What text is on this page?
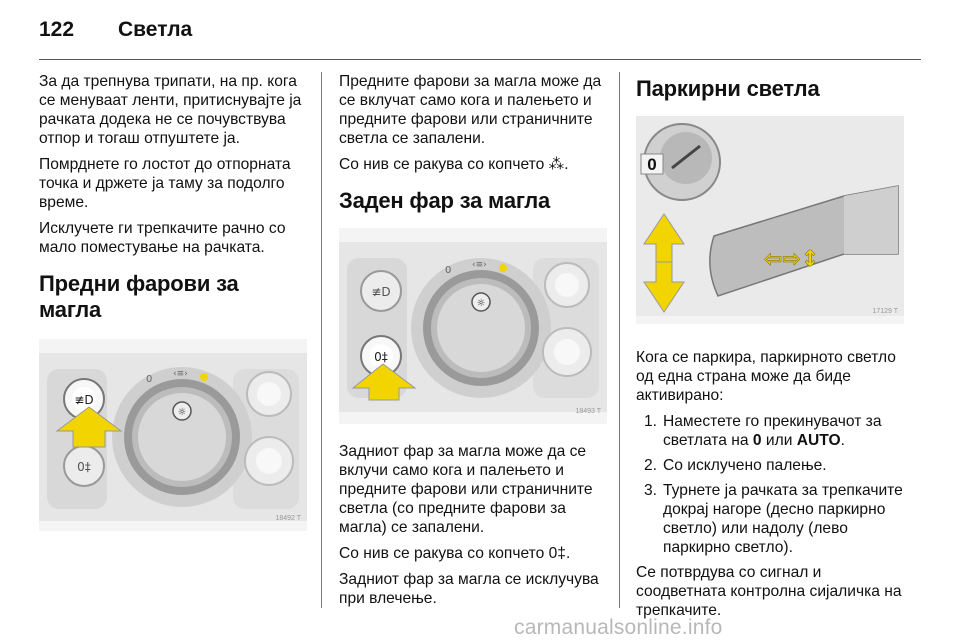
122 Светла

За да трепнува трипати, на пр. кога се менуваат ленти, притиснувајте ја рачката додека не се почувствува отпор и тогаш отпуштете ја.

Помрднете го лостот до отпорната точка и држете ја таму за подолго време.

Исклучете ги трепкачите рачно со мало поместување на рачката.

Предни фарови за магла
≢D
0‡
☼
0 ‹≡›
18492 T

Предните фарови за магла може да се вклучат само кога и палењето и предните фарови или страничните светла се запалени.

Со нив се ракува со копчето ⁂.

Заден фар за магла
≢D
0‡
☼
0 ‹≡›
18493 T

Задниот фар за магла може да се вклучи само кога и палењето и предните фарови или страничните светла (со предните фарови за магла) се запалени.

Со нив се ракува со копчето 0‡.

Задниот фар за магла се исклучува при влечење.

Паркирни светла
0
⇦⇨↕
17129 T

Кога се паркира, паркирното светло од една страна може да биде активирано:

1. Наместете го прекинувачот за светлата на 0 или AUTO.
2. Со исклучено палење.
3. Турнете ја рачката за трепкачите докрај нагоре (десно паркирно светло) или надолу (лево паркирно светло).

Се потврдува со сигнал и соодветната контролна сијаличка на трепкачите.

carmanualsonline.info
